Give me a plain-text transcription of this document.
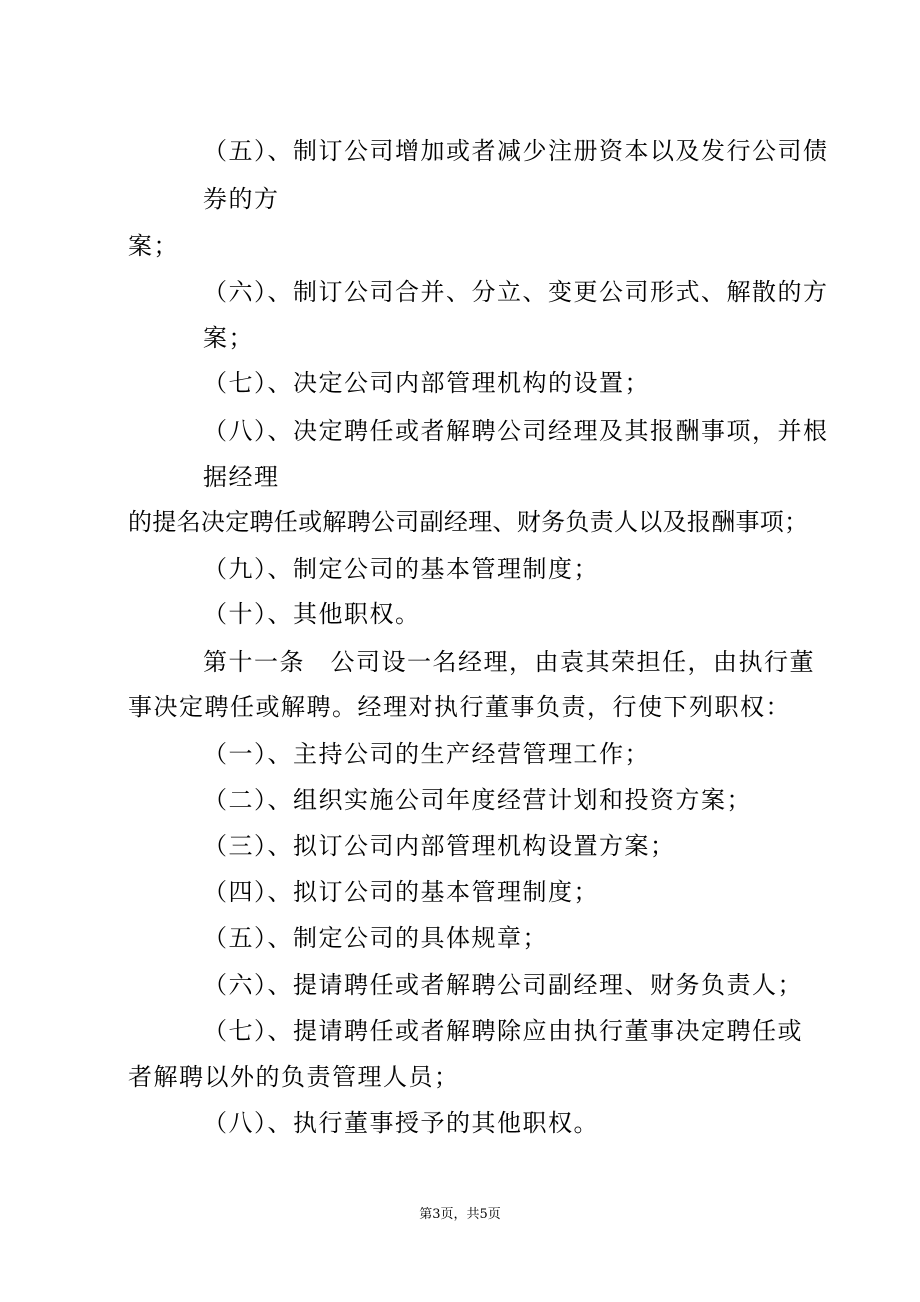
（五）、制订公司增加或者减少注册资本以及发行公司债
券的方
案；
（六）、制订公司合并、分立、变更公司形式、解散的方
案；
（七）、决定公司内部管理机构的设置；
（八）、决定聘任或者解聘公司经理及其报酬事项，并根
据经理
的提名决定聘任或解聘公司副经理、财务负责人以及报酬事项；
（九）、制定公司的基本管理制度；
（十）、其他职权。
第十一条　公司设一名经理，由袁其荣担任，由执行董
事决定聘任或解聘。经理对执行董事负责，行使下列职权：
（一）、主持公司的生产经营管理工作；
（二）、组织实施公司年度经营计划和投资方案；
（三）、拟订公司内部管理机构设置方案；
（四）、拟订公司的基本管理制度；
（五）、制定公司的具体规章；
（六）、提请聘任或者解聘公司副经理、财务负责人；
（七）、提请聘任或者解聘除应由执行董事决定聘任或
者解聘以外的负责管理人员；
（八）、执行董事授予的其他职权。
第3页，共5页
